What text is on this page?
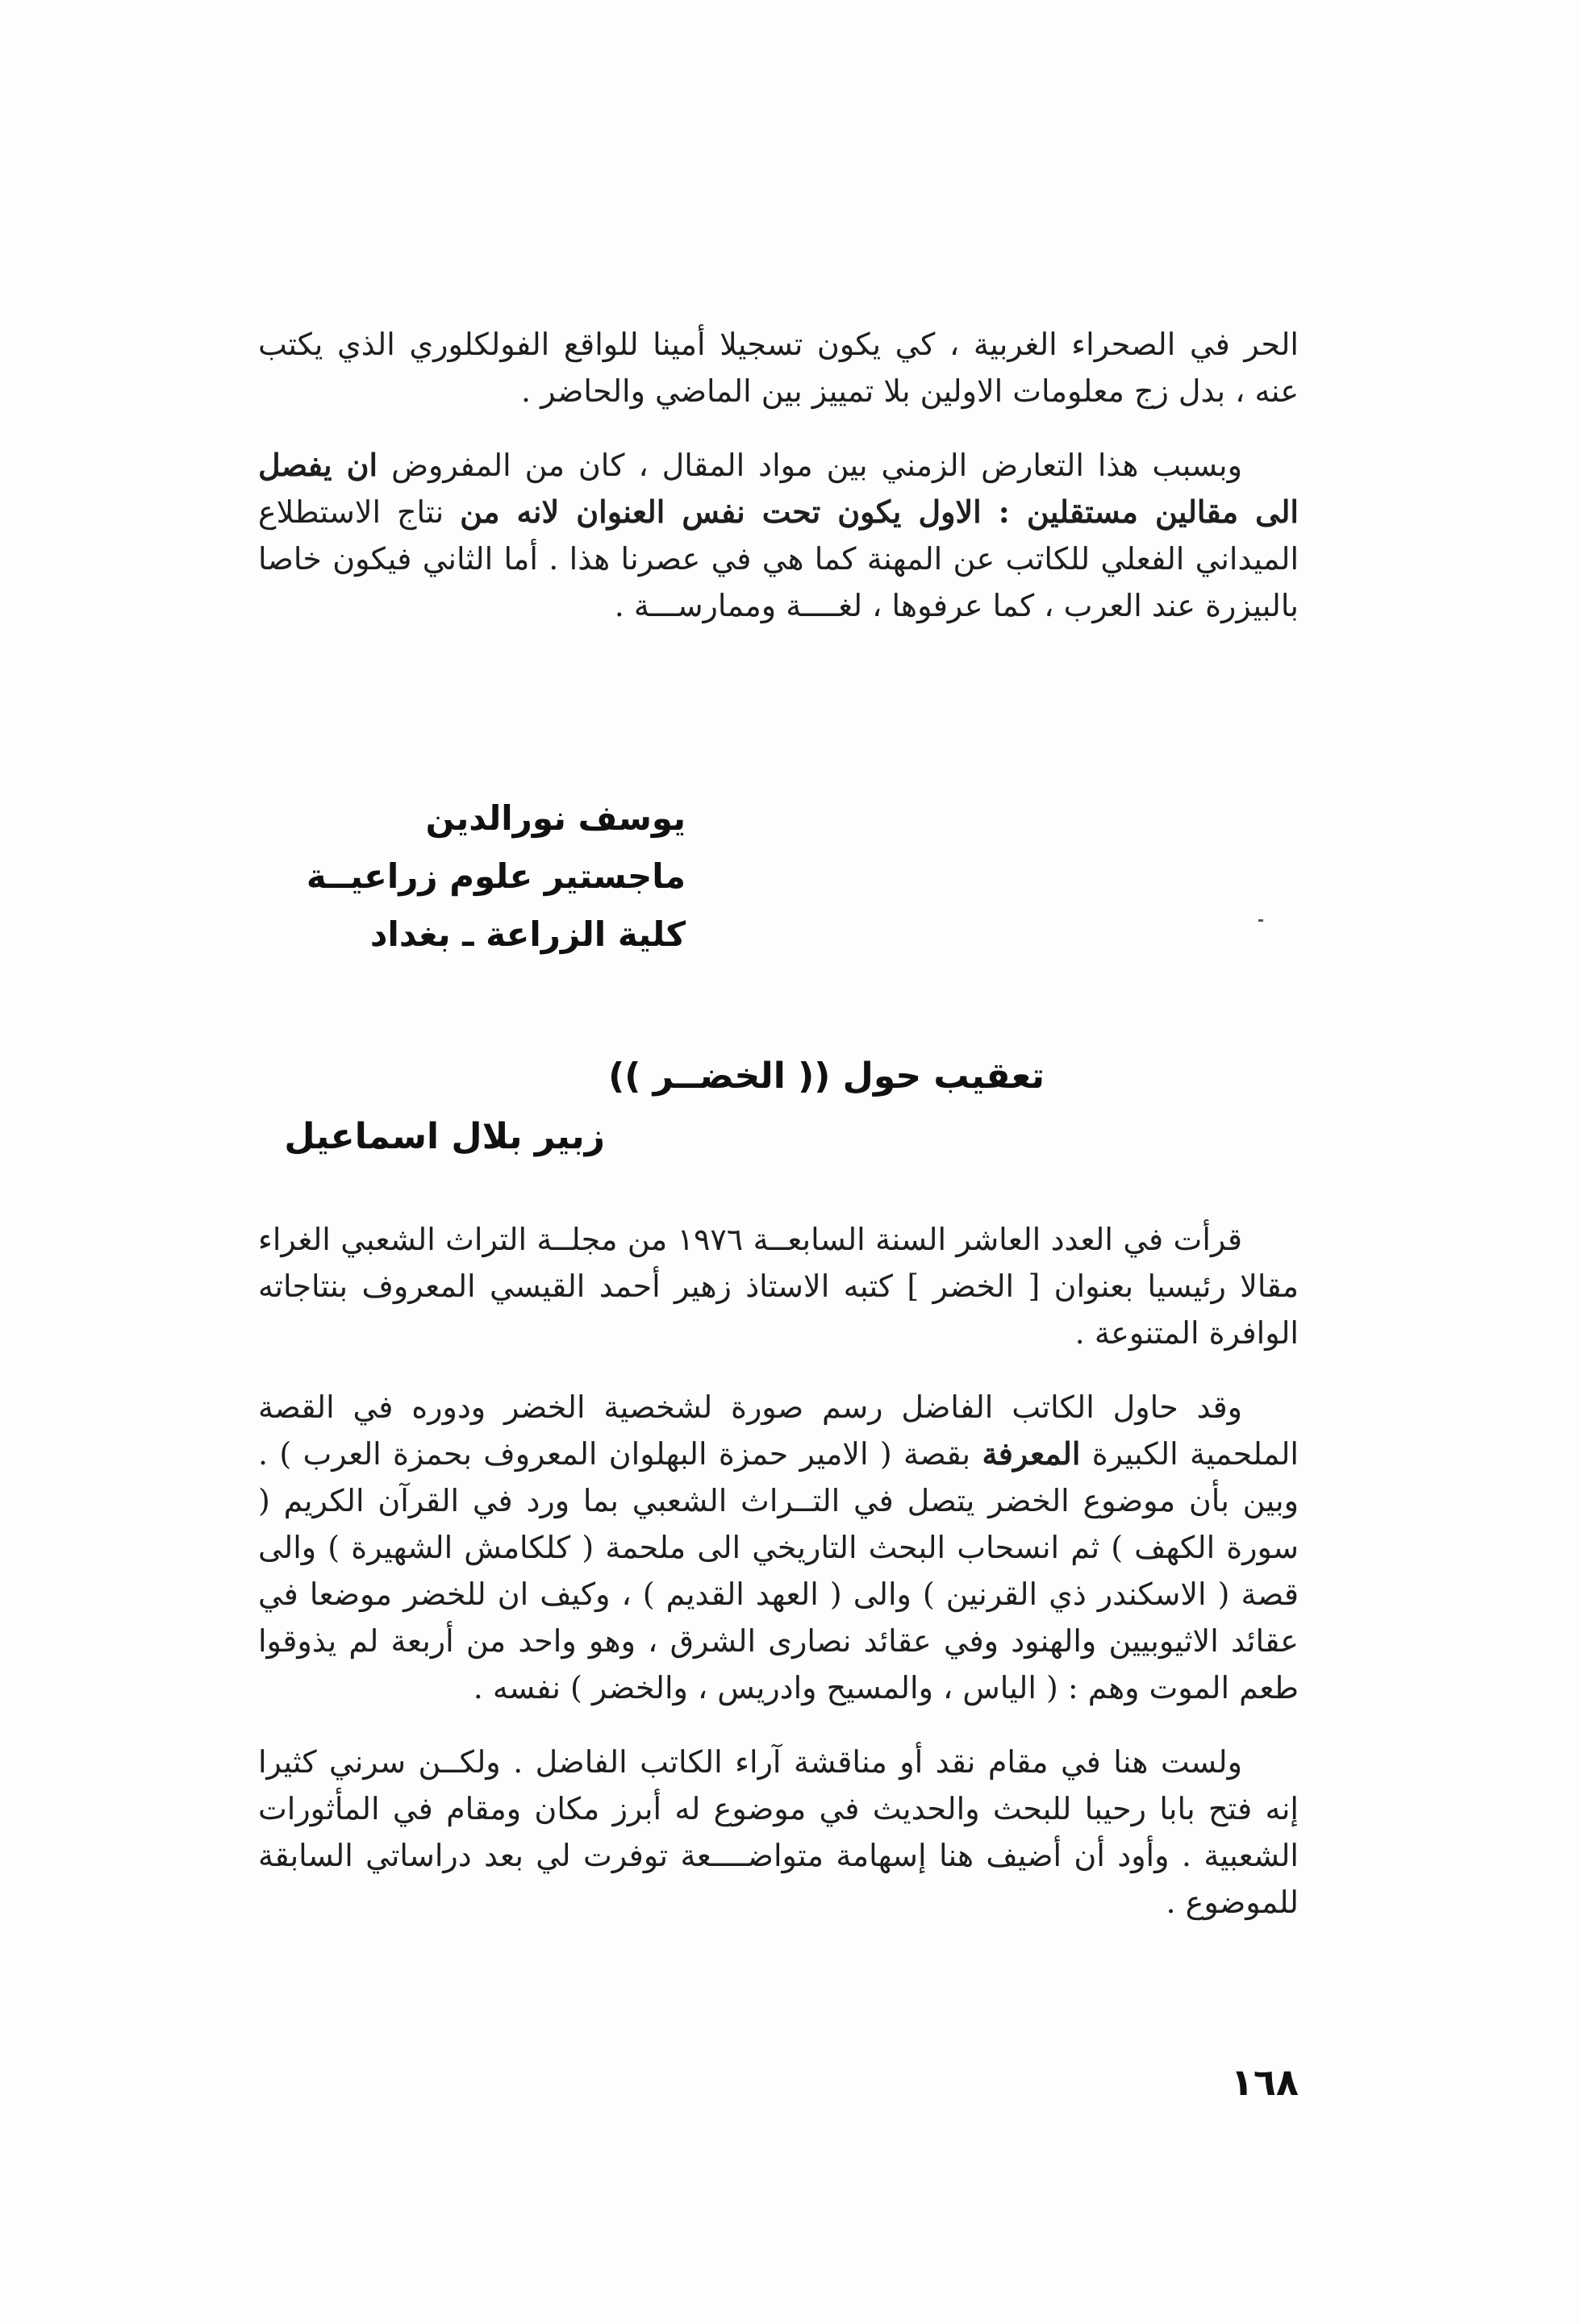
الحر في الصحراء الغربية ، كي يكون تسجيلا أمينا للواقع الفولكلوري الذي يكتب عنه ، بدل زج معلومات الاولين بلا تمييز بين الماضي والحاضر .

وبسبب هذا التعارض الزمني بين مواد المقال ، كان من المفروض ان يفصل الى مقالين مستقلين : الاول يكون تحت نفس العنوان لانه من نتاج الاستطلاع الميداني الفعلي للكاتب عن المهنة كما هي في عصرنا هذا . أما الثاني فيكون خاصا بالبيزرة عند العرب ، كما عرفوها ، لغــــة وممارســـة .

يوسف نورالدين
ماجستير علوم زراعيــة
كلية الزراعة ـ بغداد
تعقيب حول (( الخضــر ))
زبير بلال اسماعيل

قرأت في العدد العاشر السنة السابعــة ١٩٧٦ من مجلــة التراث الشعبي الغراء مقالا رئيسيا بعنوان [ الخضر ] كتبه الاستاذ زهير أحمد القيسي المعروف بنتاجاته الوافرة المتنوعة .

وقد حاول الكاتب الفاضل رسم صورة لشخصية الخضر ودوره في القصة الملحمية الكبيرة المعرفة بقصة ( الامير حمزة البهلوان المعروف بحمزة العرب ) . وبين بأن موضوع الخضر يتصل في التــراث الشعبي بما ورد في القرآن الكريم ( سورة الكهف ) ثم انسحاب البحث التاريخي الى ملحمة ( كلكامش الشهيرة ) والى قصة ( الاسكندر ذي القرنين ) والى ( العهد القديم ) ، وكيف ان للخضر موضعا في عقائد الاثيوبيين والهنود وفي عقائد نصارى الشرق ، وهو واحد من أربعة لم يذوقوا طعم الموت وهم : ( الياس ، والمسيح وادريس ، والخضر ) نفسه .

ولست هنا في مقام نقد أو مناقشة آراء الكاتب الفاضل . ولكــن سرني كثيرا إنه فتح بابا رحيبا للبحث والحديث في موضوع له أبرز مكان ومقام في المأثورات الشعبية . وأود أن أضيف هنا إسهامة متواضــــعة توفرت لي بعد دراساتي السابقة للموضوع .

١٦٨
